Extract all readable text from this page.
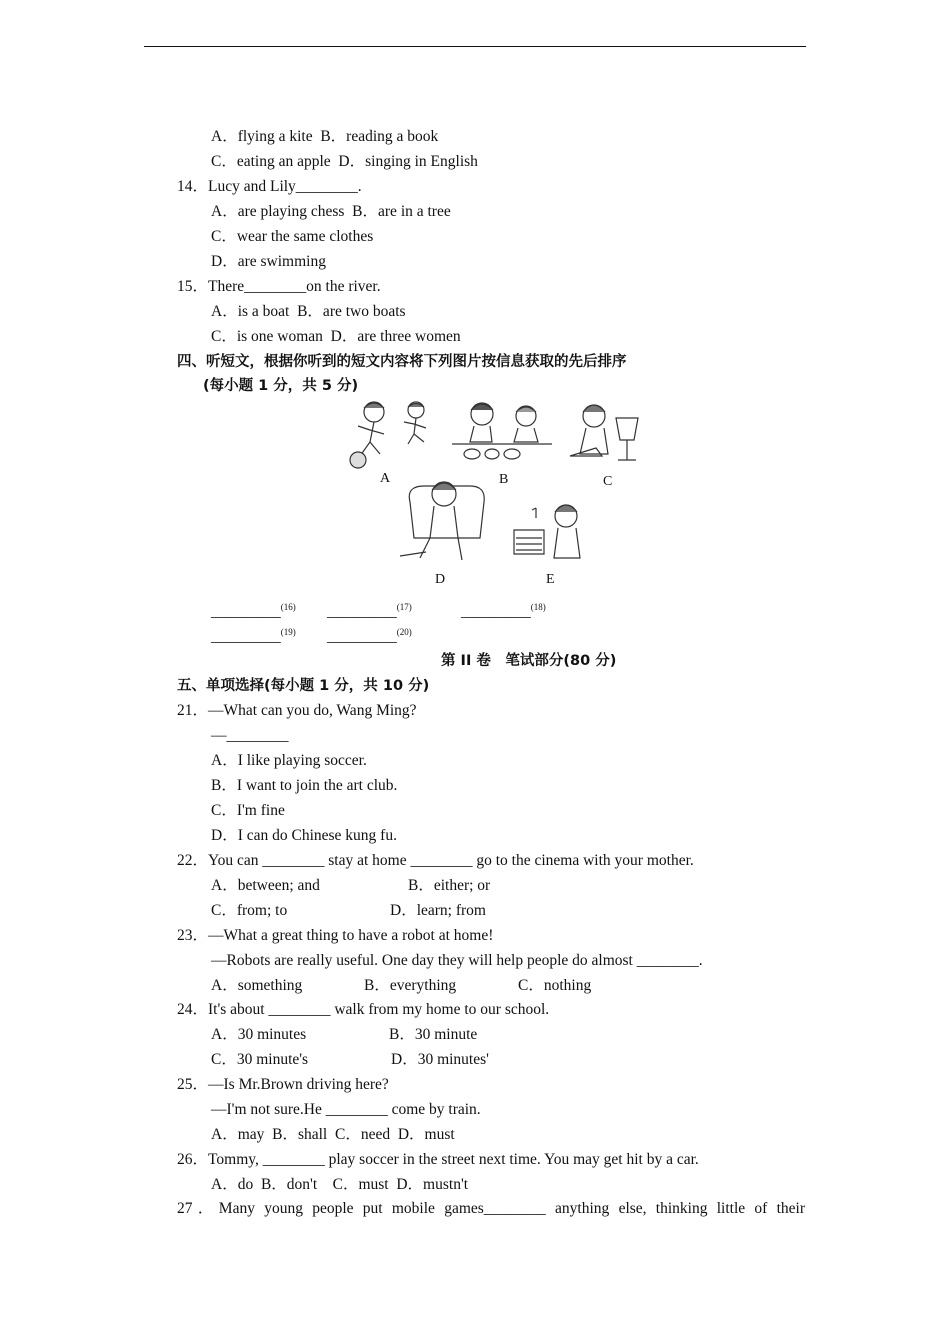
A．flying a kite  B．reading a book
C．eating an apple  D．singing in English
14．Lucy and Lily________.
A．are playing chess  B．are in a tree
C．wear the same clothes
D．are swimming
15．There________on the river.
A．is a boat  B．are two boats
C．is one woman  D．are three women
四、听短文，根据你听到的短文内容将下列图片按信息获取的先后排序
(每小题 1 分，共 5 分)
A	B	C
D	E
_________$^{(16)}$ _________$^{(17)}$	_________$^{(18)}$
_________$^{(19)}$ _________$^{(20)}$
第 II 卷　笔试部分(80 分)
五、单项选择(每小题 1 分，共 10 分)
21．—What can you do, Wang Ming?
—________
A．I like playing soccer.
B．I want to join the art club.
C．I'm fine
D．I can do Chinese kung fu.
22．You can ________ stay at home ________ go to the cinema with your mother.
A．between; and	B．either; or
C．from; to	D．learn; from
23．—What a great thing to have a robot at home!
—Robots are really useful. One day they will help people do almost ________.
A．something	B．everything	C．nothing
24．It's about ________ walk from my home to our school.
A．30 minutes	B．30 minute
C．30 minute's	D．30 minutes'
25．—Is Mr.Brown driving here?
—I'm not sure.He ________ come by train.
A．may  B．shall  C．need  D．must
26．Tommy, ________ play soccer in the street next time. You may get hit by a car.
A．do  B．don't    C．must  D．mustn't
27．Many young people put mobile games________ anything else, thinking little of their
